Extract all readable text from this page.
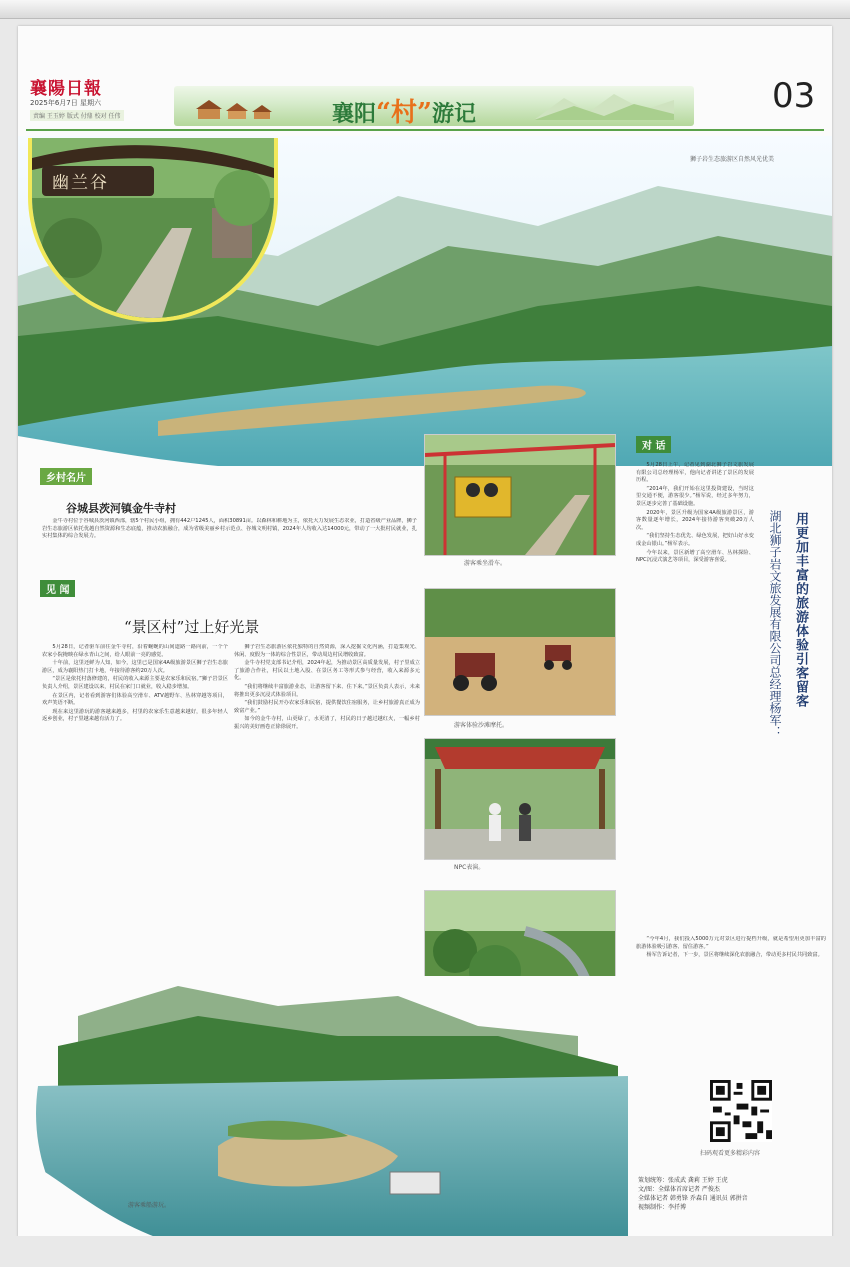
襄陽日報
2025年6月7日 星期六
责编 王玉婷 版式 付鼎 校对 任伟	襄阳“村”游记	03
幽兰谷
狮子岩生态旅游区自然风光优美
乡村名片
谷城县茨河镇金牛寺村

金牛寺村位于谷城县茨河镇西部，辖5个村民小组，拥有442户1245人，面积30891亩。以森林和耕地为主，依托大力发展生态农业，打造省级产业品牌，狮子岩生态旅游区依托优越自然资源和生态底蕴，推动农旅融合，成为省级美丽乡村示范点、谷城文明村镇，2024年人均收入达14000元，带动了一大批村民就业，扎实村集体的综合发展力。

见 闻
“景区村”过上好光景

5月28日，记者驱车前往金牛寺村，沿着蜿蜒的山间道路一路向前，一个个农家小院掩映在绿水青山之间，给人眼前一亮的感觉。

十年前，这里还鲜为人知，如今，这里已是国家4A级旅游景区狮子岩生态旅游区，成为襄阳热门打卡地，年接待游客约20万人次。

“景区是依托村落修建的，村民的收入来源主要是农家乐和民宿。”狮子岩景区负责人介绍，景区建设以来，村民在家门口就业，收入稳步增加。

在景区内，记者看到游客们体验高空滑车、ATV越野车、丛林穿越等项目，欢声笑语不断。

现在来这里游玩的游客越来越多，村里的农家乐生意越来越好，很多年轻人返乡创业，村子里越来越有活力了。

狮子岩生态旅游区依托独特的自然资源，深入挖掘文化内涵，打造集观光、休闲、度假为一体的综合性景区，带动周边村民增收致富。

金牛寺村党支部书记介绍，2024年起，为推动景区高质量发展，村子里成立了旅游合作社，村民以土地入股、在景区务工等形式参与经营，收入来源多元化。

“我们将继续丰富旅游业态，让游客留下来、住下来。”景区负责人表示，未来将推出更多沉浸式体验项目。

“我们鼓励村民开办农家乐和民宿，提供餐饮住宿服务，让乡村旅游真正成为致富产业。”

如今的金牛寺村，山更绿了，水更清了，村民的日子越过越红火，一幅乡村振兴的美好画卷正徐徐展开。

游客乘坐滑车。
游客体验沙滩摩托。
NPC表演。
对 话
用更加丰富的旅游体验引客留客
湖北狮子岩文旅发展有限公司总经理杨军：

5月28日上午，记者见到湖北狮子岩文旅发展有限公司总经理杨军，他向记者讲述了景区的发展历程。

“2014年，我们开始在这里投资建设，当时这里交通不便，游客很少。”杨军说，经过多年努力，景区逐步完善了基础设施。

2020年，景区升级为国家4A级旅游景区，游客数量逐年增长，2024年接待游客突破20万人次。

“我们坚持生态优先、绿色发展，把好山好水变成金山银山。”杨军表示。

今年以来，景区新增了高空滑车、丛林探险、NPC沉浸式演艺等项目，深受游客喜爱。

“今年4月，我们投入5000万元对景区进行提档升级，就是希望用更加丰富的旅游体验吸引游客、留住游客。”

杨军告诉记者，下一步，景区将继续深化农旅融合，带动更多村民共同致富。

游客乘船游玩。
扫码观看更多精彩内容
策划统筹：张成武 龚莉 王婷 王虎
文/图：全媒体首席记者 严俊杰
全媒体记者 韩勇锋 乔森自 通讯员 郭拼音
视频制作：李扦博
